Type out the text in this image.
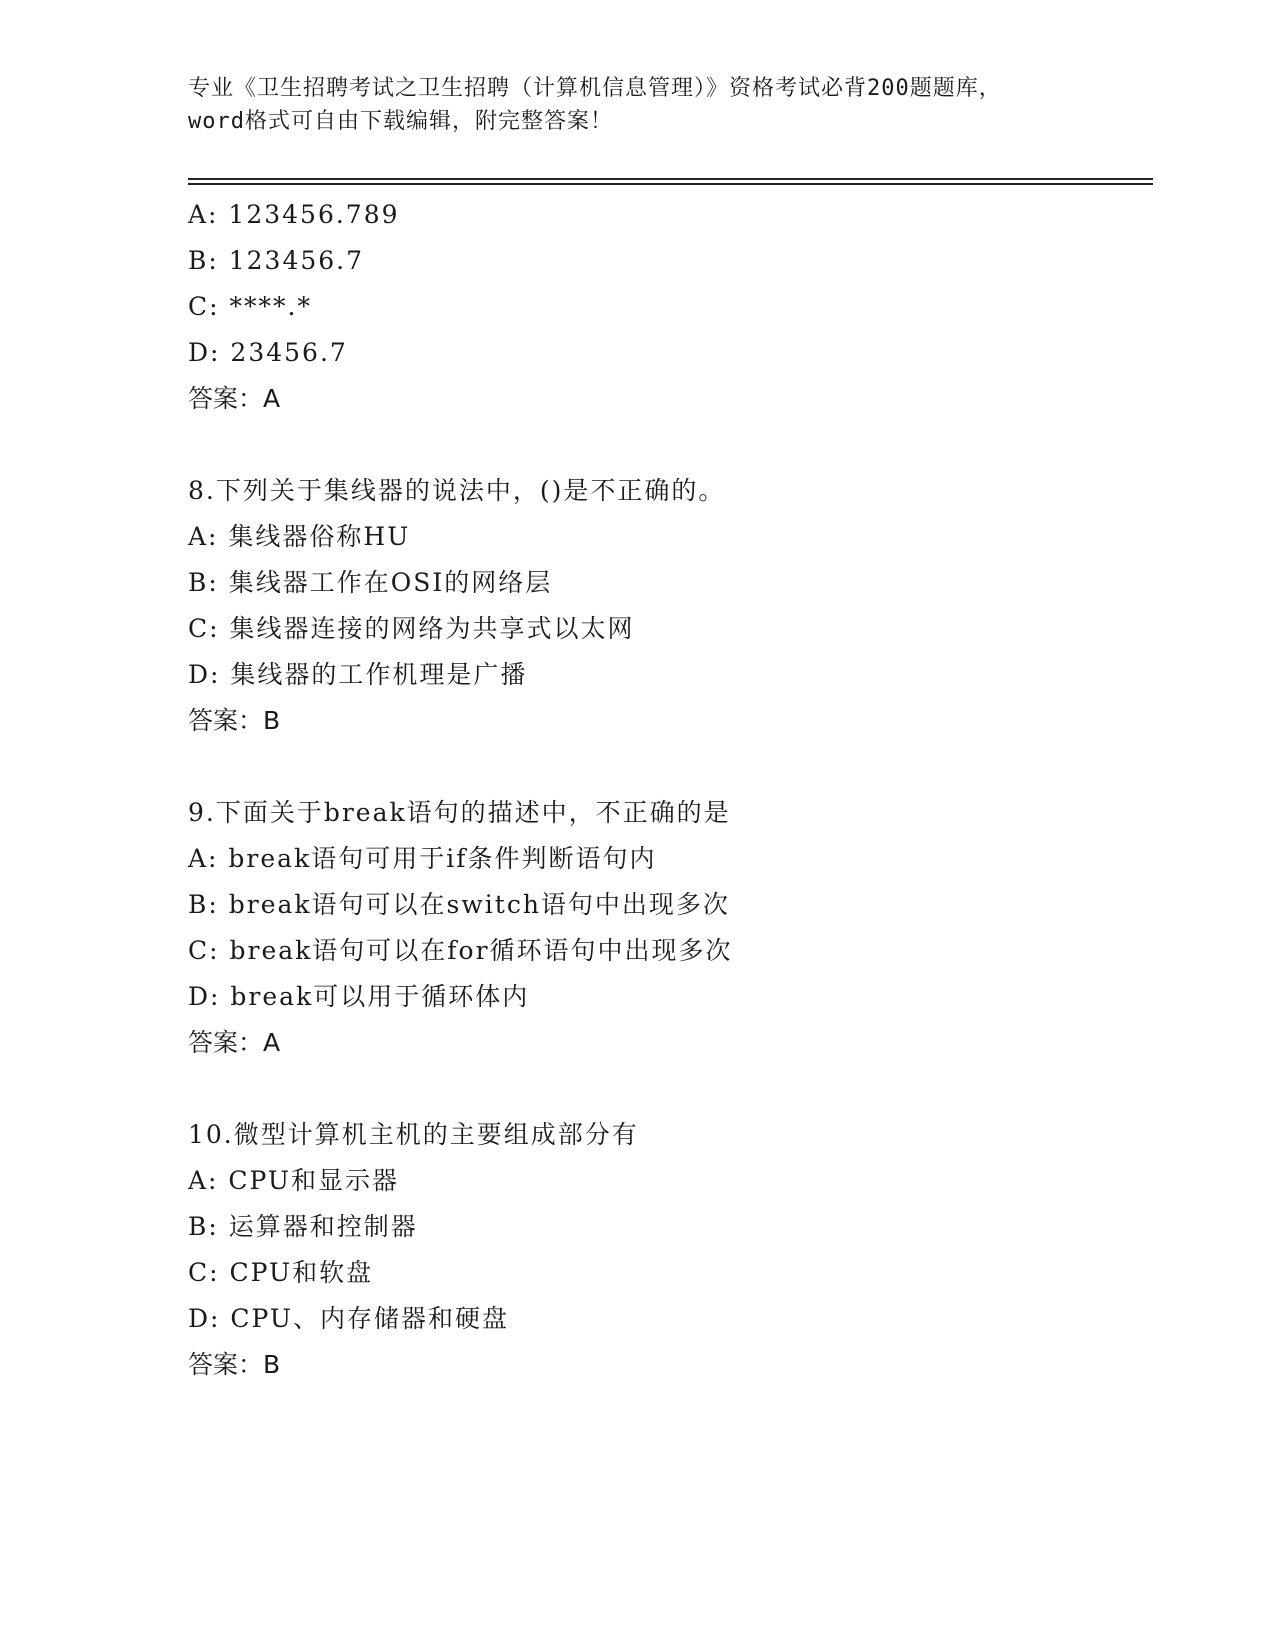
专业《卫生招聘考试之卫生招聘（计算机信息管理）》资格考试必背200题题库，
word格式可自由下载编辑，附完整答案！
A: 123456.789
B: 123456.7
C: ****.*
D: 23456.7
答案：A
8.下列关于集线器的说法中，()是不正确的。
A: 集线器俗称HU
B: 集线器工作在OSI的网络层
C: 集线器连接的网络为共享式以太网
D: 集线器的工作机理是广播
答案：B
9.下面关于break语句的描述中，不正确的是
A: break语句可用于if条件判断语句内
B: break语句可以在switch语句中出现多次
C: break语句可以在for循环语句中出现多次
D: break可以用于循环体内
答案：A
10.微型计算机主机的主要组成部分有
A: CPU和显示器
B: 运算器和控制器
C: CPU和软盘
D: CPU、内存储器和硬盘
答案：B
